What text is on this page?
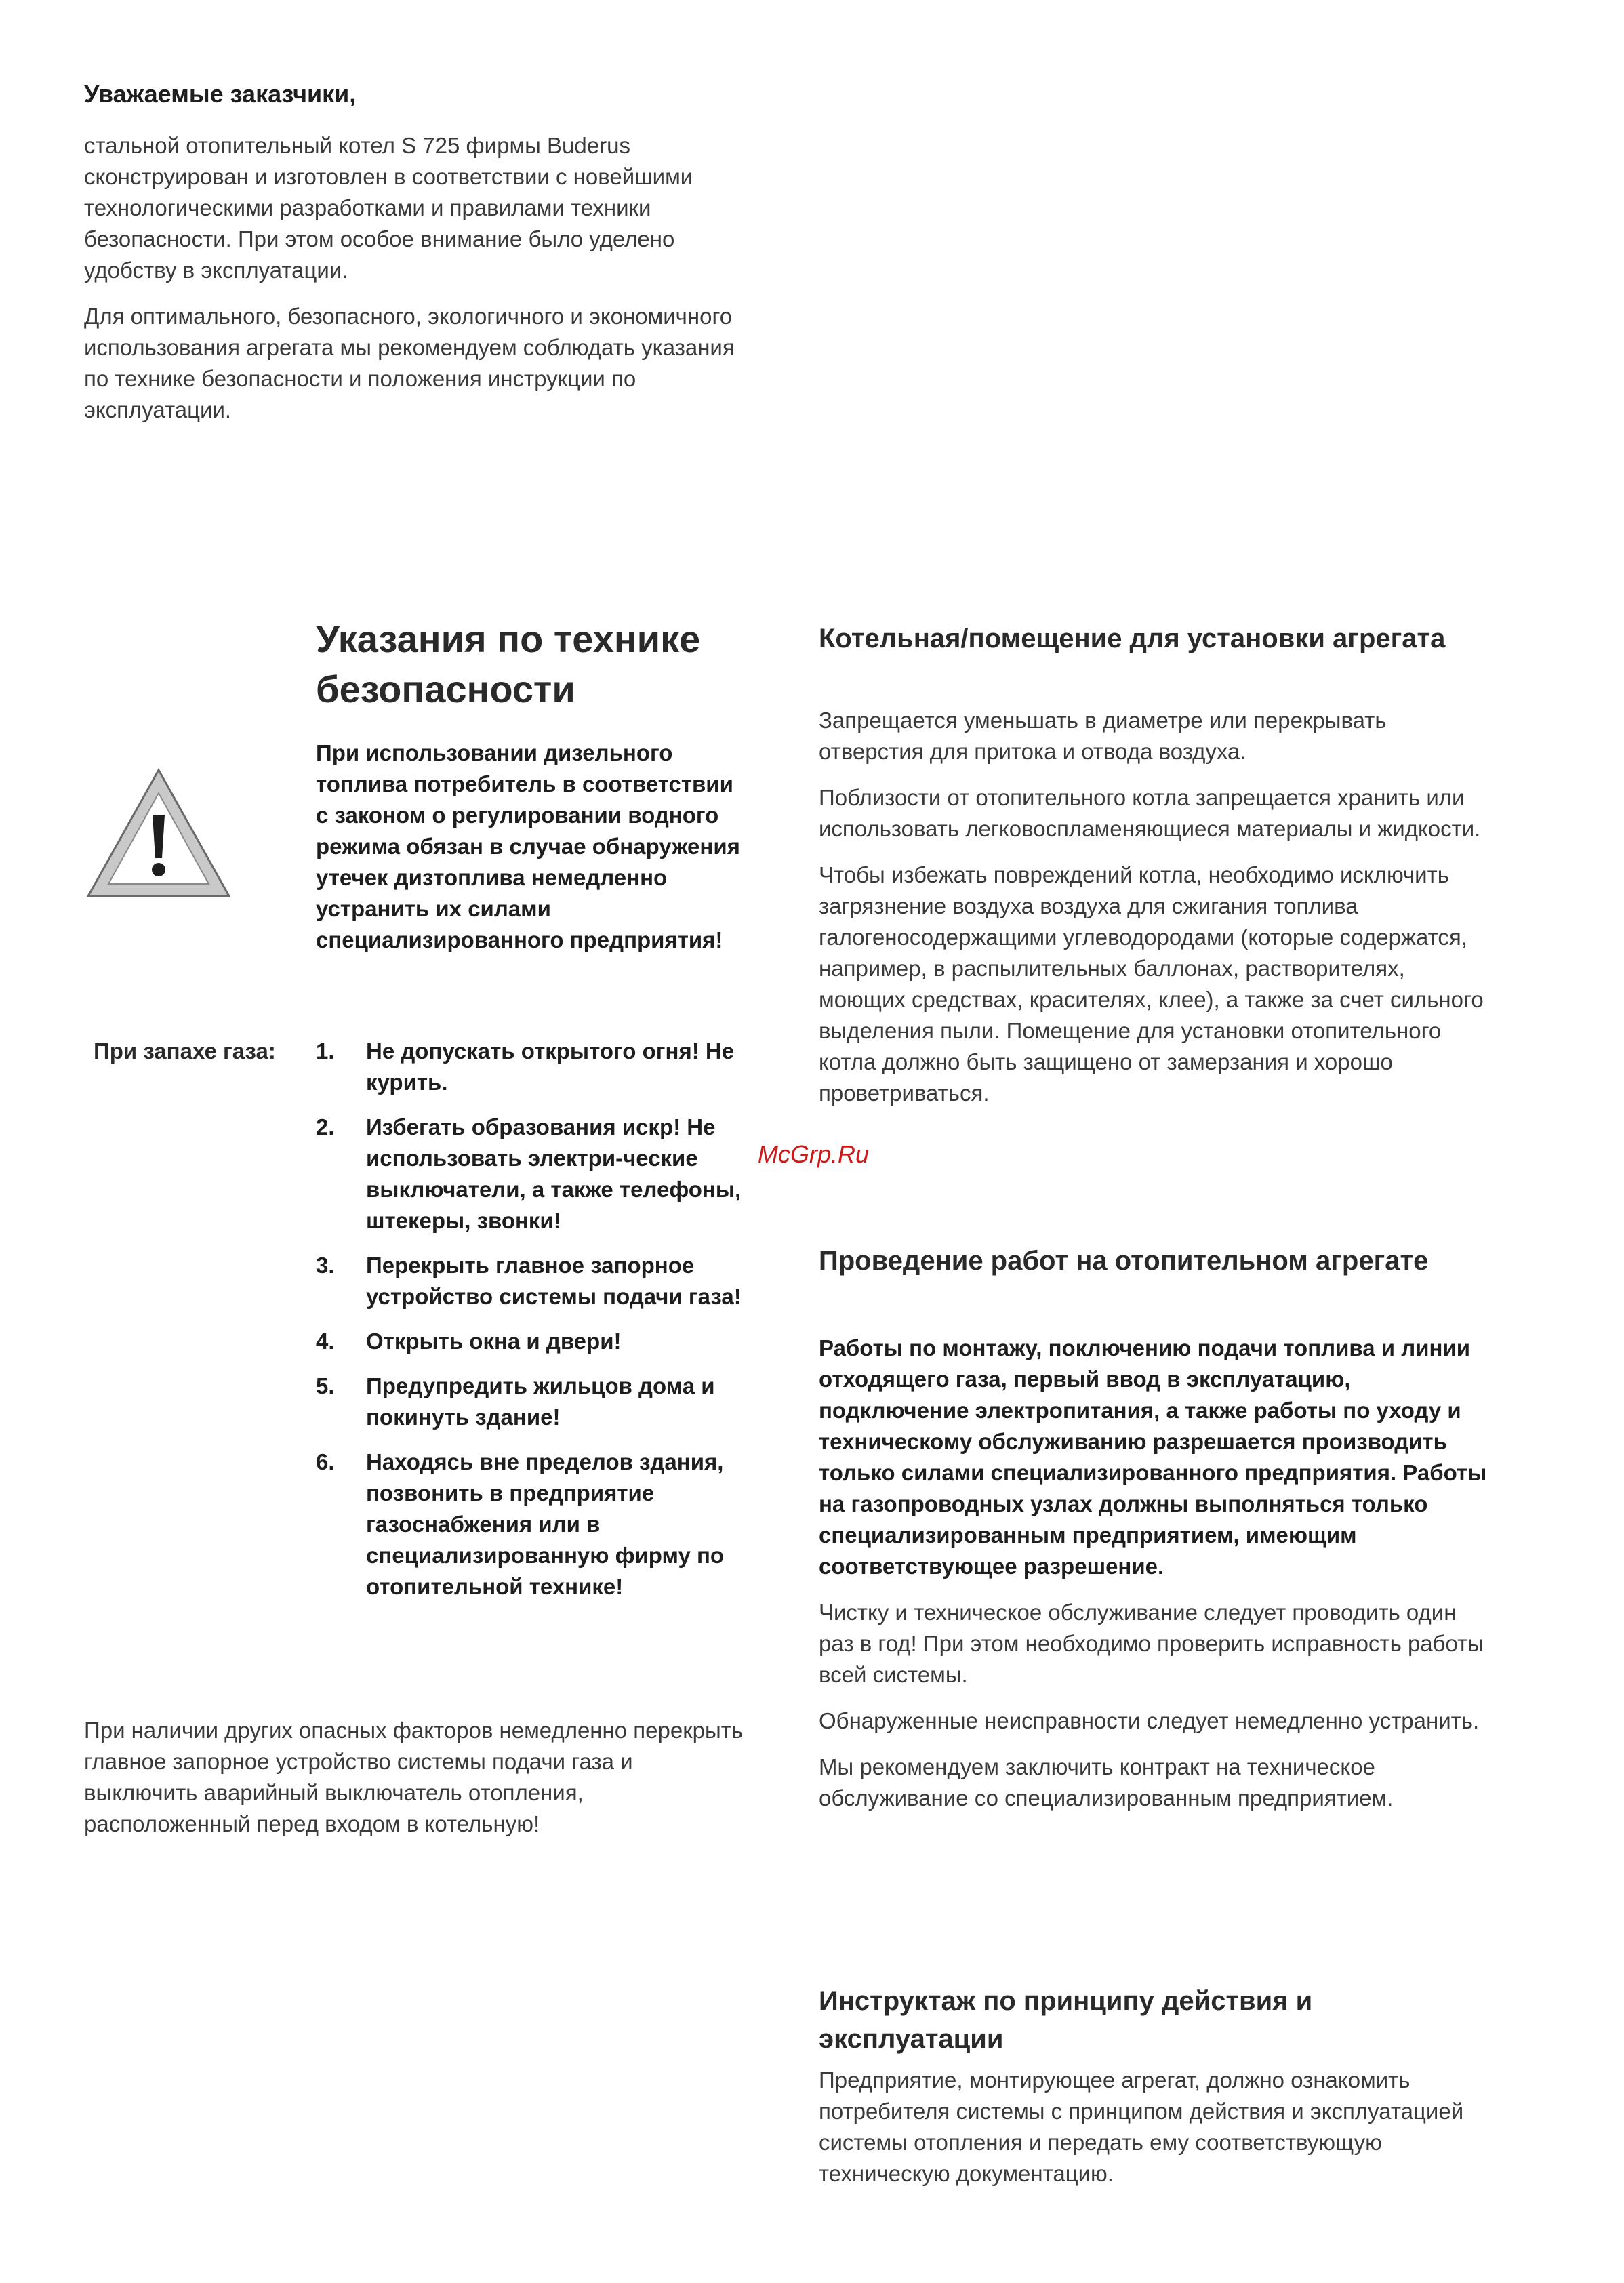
Уважаемые заказчики,

стальной отопительный котел S 725 фирмы Buderus сконструирован и изготовлен в соответствии с новейшими технологическими разработками и правилами техники безопасности. При этом особое внимание было уделено удобству в эксплуатации.

Для оптимального, безопасного, экологичного и экономичного использования агрегата мы рекомендуем соблюдать указания по технике безопасности и положения инструкции по эксплуатации.

Указания по технике безопасности
При использовании дизельного топлива потребитель в соответствии с законом о регулировании водного режима обязан в случае обнаружения утечек дизтоплива немедленно устранить их силами специализированного предприятия!
При запахе газа: 1.	Не допускать открытого огня! Не курить.
2.	Избегать образования искр! Не использовать электри-ческие выключатели, а также телефоны, штекеры, звонки!
3.	Перекрыть главное запорное устройство системы подачи газа!
4.	Открыть окна и двери!
5.	Предупредить жильцов дома и покинуть здание!
6.	Находясь вне пределов здания, позвонить в предприятие газоснабжения или в специализированную фирму по отопительной технике!
При наличии других опасных факторов немедленно перекрыть главное запорное устройство системы подачи газа и выключить аварийный выключатель отопления, расположенный перед входом в котельную!
Котельная/помещение для установки агрегата

Запрещается уменьшать в диаметре или перекрывать отверстия для притока и отвода воздуха.

Поблизости от отопительного котла запрещается хранить или использовать легковоспламеняющиеся материалы и жидкости.

Чтобы избежать повреждений котла, необходимо исключить загрязнение воздуха воздуха для сжигания топлива галогеносодержащими углеводородами (которые содержатся, например, в распылительных баллонах, растворителях, моющих средствах, красителях, клее), а также за счет сильного выделения пыли. Помещение для установки отопительного котла должно быть защищено от замерзания и хорошо проветриваться.

McGrp.Ru
Проведение работ на отопительном агрегате

Работы по монтажу, поключению подачи топлива и линии отходящего газа, первый ввод в эксплуатацию, подключение электропитания, а также работы по уходу и техническому обслуживанию разрешается производить только силами специализированного предприятия. Работы на газопроводных узлах должны выполняться только специализированным предприятием, имеющим соответствующее разрешение.

Чистку и техническое обслуживание следует проводить один раз в год! При этом необходимо проверить исправность работы всей системы.

Обнаруженные неисправности следует немедленно устранить.

Мы рекомендуем заключить контракт на техническое обслуживание со специализированным предприятием.

Инструктаж по принципу действия и эксплуатации

Предприятие, монтирующее агрегат, должно ознакомить потребителя системы с принципом действия и эксплуатацией системы отопления и передать ему соответствующую техническую документацию.
